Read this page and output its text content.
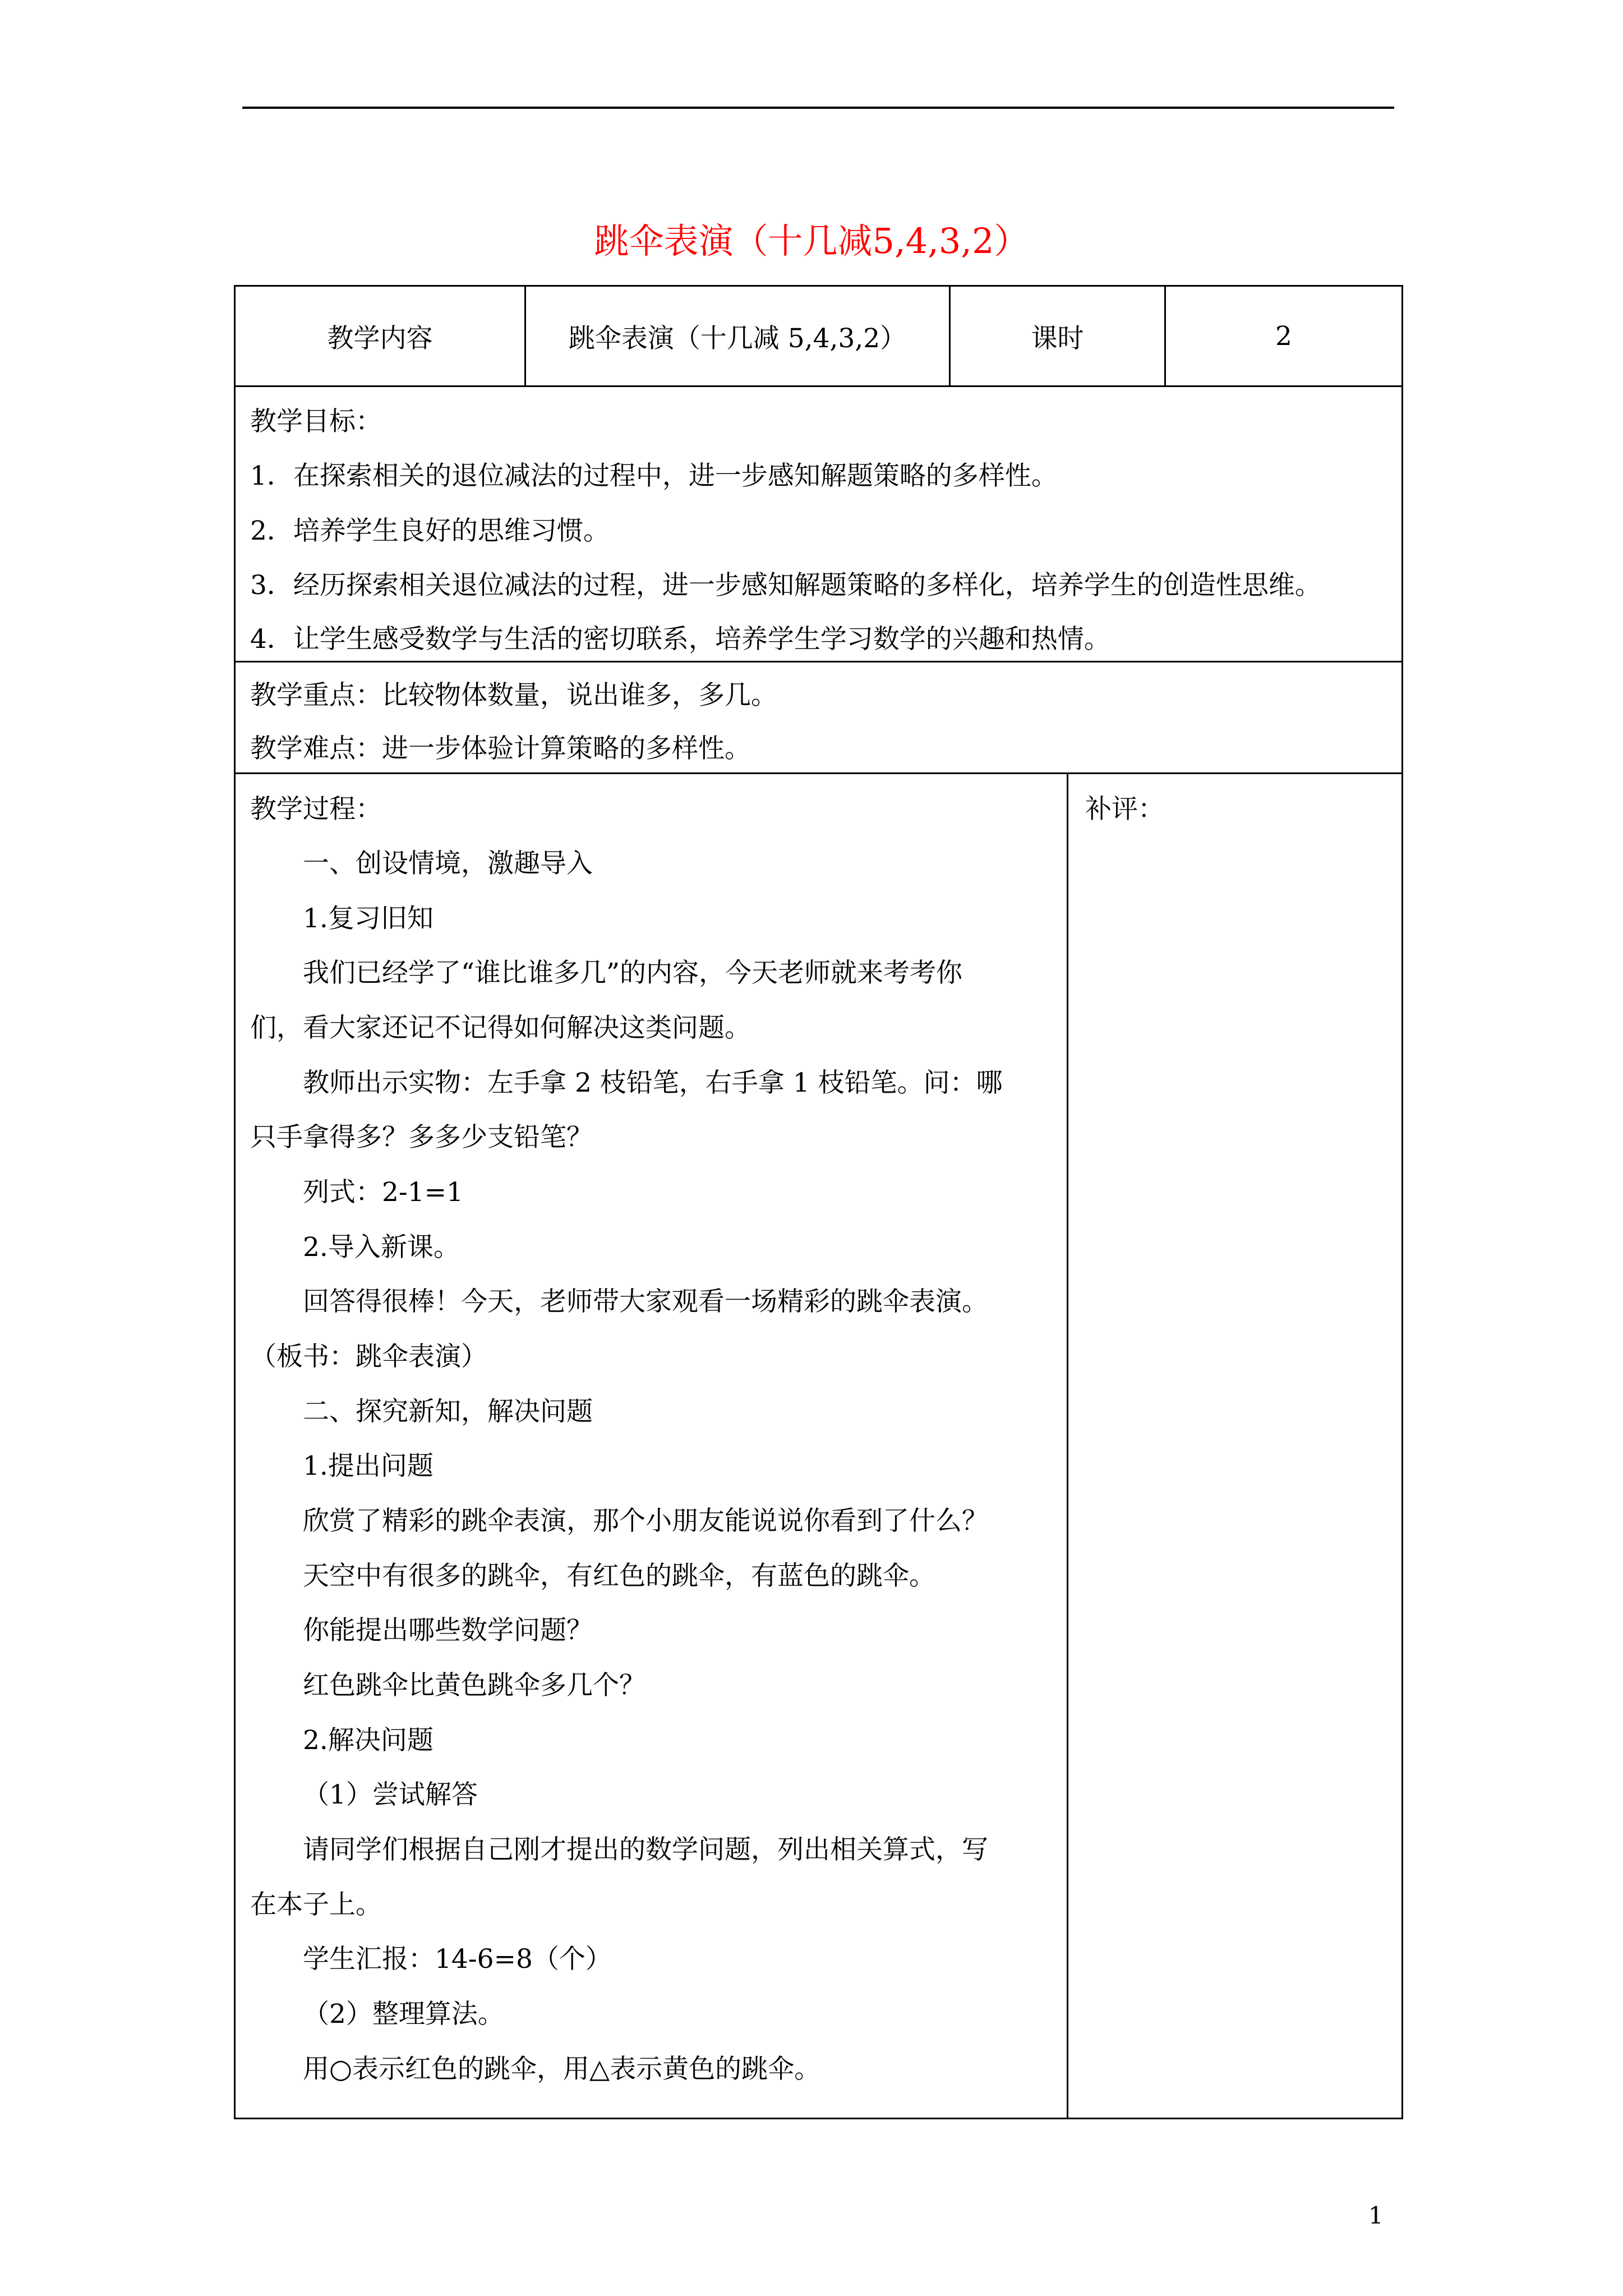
跳伞表演（十几减5,4,3,2）
教学内容	跳伞表演（十几减 5,4,3,2）	课时	2
教学目标：
1．在探索相关的退位减法的过程中，进一步感知解题策略的多样性。
2．培养学生良好的思维习惯。
3．经历探索相关退位减法的过程，进一步感知解题策略的多样化，培养学生的创造性思维。
4．让学生感受数学与生活的密切联系，培养学生学习数学的兴趣和热情。
教学重点：比较物体数量，说出谁多，多几。
教学难点：进一步体验计算策略的多样性。
教学过程：	补评：
一、创设情境，激趣导入
1.复习旧知
我们已经学了“谁比谁多几”的内容，今天老师就来考考你
们，看大家还记不记得如何解决这类问题。
教师出示实物：左手拿 2 枝铅笔，右手拿 1 枝铅笔。问：哪
只手拿得多？多多少支铅笔？
列式：2-1=1
2.导入新课。
回答得很棒！今天，老师带大家观看一场精彩的跳伞表演。
（板书：跳伞表演）
二、探究新知，解决问题
1.提出问题
欣赏了精彩的跳伞表演，那个小朋友能说说你看到了什么？
天空中有很多的跳伞，有红色的跳伞，有蓝色的跳伞。
你能提出哪些数学问题？
红色跳伞比黄色跳伞多几个？
2.解决问题
（1）尝试解答
请同学们根据自己刚才提出的数学问题，列出相关算式，写
在本子上。
学生汇报：14-6=8（个）
（2）整理算法。
用○表示红色的跳伞，用△表示黄色的跳伞。
1
